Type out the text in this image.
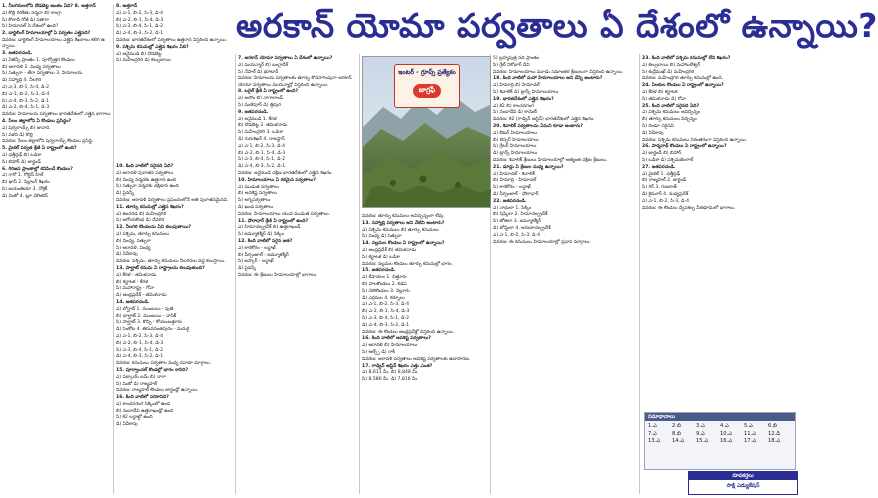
అరకాన్ యోమా పర్వతాలు ఏ దేశంలో ఉన్నాయి?

1. నీలగిరులలోని దొడబెట్ట ఆంతం ఏది? 8. అత్తగాన్

ఎ) కొల్లి గిరికేతు నర్మదా బి) కాంగ్రా

సి) కొలాదీ రోజీ డి) సతారా

సి) హిమాచల్ ఏ దేశంలో ఉంది?

2. డార్జిలింగ్ హిమాలయాల్లో ఏ పర్వతం ఎత్తైనది?

వివరణ: డార్జిలింగ్ హిమాలయాలు ఎత్తైన శిఖరాలు కలిగి ఉన్నాయి.

3. జతపరచండి.

ఎ) ఏజెన్సీ ప్రాంతం 1. పూర్వోత్తర కొండలు

బి) ఆరావళి 2. వింధ్య పర్వతాలు

సి) సత్పురా - తేరా పర్వతాలు 3. హిమాలయ

డి) సహ్యాద్రి 4. నీలగిరి

ఎ) ఎ-3, బి-1, సి-4, డి-2

బి) ఎ-1, బి-2, సి-3, డి-4

సి) ఎ-4, బి-3, సి-2, డి-1

డి) ఎ-2, బి-4, సి-1, డి-3

వివరణ: హిమాలయ పర్వతాలు భారతదేశంలో ఎత్తైన భాగాలు.

4. సేలం జిల్లాలోని ఏ కొండలు ప్రసిద్ధం?

ఎ) షెర్వరాయ్స్ బి) జావాది

సి) పళని డి) కొల్లి

వివరణ: సేలం జిల్లాలోని షెర్వరాయ్స్ కొండలు ప్రసిద్ధి.

5. మైకల్ పర్వత శ్రేణి ఏ రాష్ట్రంలో ఉంది?

ఎ) ఛత్తీస్గఢ్ బి) ఒడిశా

సి) బిహార్ డి) జార్ఖండ్

6. గిరిజన ప్రాంతాల్లో కనిపించే కొండలు?

ఎ) గారో 1. గోల్డెన్ హిల్

బి) ఖాసీ 2. షిల్లాంగ్ శిఖరం

సి) జయంతియా 3. నోక్రెక్

డి) మిజో 4. బ్లూ మౌంటెన్

8. అత్తగాన్

ఎ) ఎ-1, బి-2, సి-3, డి-4

బి) ఎ-2, బి-1, సి-4, డి-3

సి) ఎ-3, బి-4, సి-1, డి-2

డి) ఎ-4, బి-3, సి-2, డి-1

వివరణ: భారతదేశంలో పర్వతాలు ఉత్తరాన విస్తరించి ఉన్నాయి.

9. పశ్చిమ కనుమల్లో ఎత్తైన శిఖరం ఏది?

ఎ) ఆనైముడి బి) దొడబెట్ట

సి) మహేంద్రగిరి డి) కల్సుబాయి

10. కింది వాటిలో సరైనది ఏది?

ఎ) ఆరావళి పురాతన పర్వతాలు

బి) వింధ్య నర్మదకు ఉత్తరాన ఉంది

సి) సత్పురా నర్మదకు దక్షిణాన ఉంది

డి) పైవన్నీ

వివరణ: ఆరావళి పర్వతాలు ప్రపంచంలోనే అతి పురాతనమైనవి.

11. తూర్పు కనుమల్లో ఎత్తైన శిఖరం?

ఎ) జిందగడ బి) మహేంద్రగిరి

సి) ఆరోయకొండ డి) దేవగిరి

12. నీలగిరి కొండలను ఏవి కలుపుతాయి?

ఎ) పశ్చిమ, తూర్పు కనుమలు

బి) వింధ్య, సత్పురా

సి) ఆరావళి, వింధ్య

డి) ఏవీకావు

వివరణ: పశ్చిమ, తూర్పు కనుమలు నీలగిరుల వద్ద కలుస్తాయి.

13. పాల్ఘాట్ కనుమ ఏ రాష్ట్రాలను కలుపుతుంది?

ఎ) కేరళ - తమిళనాడు

బి) కర్ణాటక - కేరళ

సి) మహారాష్ట్ర - గోవా

డి) ఆంధ్రప్రదేశ్ - తమిళనాడు

14. జతపరచండి.

ఎ) బోర్ఘాట్ 1. ముంబయి - పుణె

బి) థాల్ఘాట్ 2. ముంబయి - నాసిక్

సి) పాల్ఘాట్ 3. కొచ్చి - కోయంబత్తూరు

డి) సెంకోట 4. తిరువనంతపురం - మదురై

ఎ) ఎ-1, బి-2, సి-3, డి-4

బి) ఎ-2, బి-1, సి-4, డి-3

సి) ఎ-3, బి-4, సి-1, డి-2

డి) ఎ-4, బి-3, సి-2, డి-1

వివరణ: కనుమలు పర్వతాల మధ్య రవాణా మార్గాలు.

15. పూర్వాంచల్ కొండల్లో భాగం కానిది?

ఎ) పట్కాయ్ బమ్ బి) నాగా

సి) మిజో డి) రాజ్మహల్

వివరణ: రాజ్మహల్ కొండలు జార్ఖండ్లో ఉన్నాయి.

16. కింది వాటిలో సరికానిది?

ఎ) కాంచనగంగ సిక్కింలో ఉంది

బి) నందాదేవి ఉత్తరాఖండ్లో ఉంది

సి) కె2 లద్దాఖ్లో ఉంది

డి) ఏవీకావు

7. అరకాన్ యోమా పర్వతాలు ఏ దేశంలో ఉన్నాయి?

ఎ) మయన్మార్ బి) బంగ్లాదేశ్

సి) నేపాల్ డి) భూటాన్

వివరణ: హిమాలయ పర్వతాలకు తూర్పు కొనసాగింపుగా అరకాన్ యోమా పర్వతాలు మయన్మార్లో విస్తరించి ఉన్నాయి.

8. బరైల్ శ్రేణి ఏ రాష్ట్రంలో ఉంది?

ఎ) అసోం బి) నాగాలాండ్

సి) మణిపూర్ డి) త్రిపుర

9. జతపరచండి.

ఎ) అనైముడి 1. కేరళ

బి) దొడబెట్ట 2. తమిళనాడు

సి) మహేంద్రగిరి 3. ఒడిశా

డి) గురుశిఖర్ 4. రాజస్థాన్

ఎ) ఎ-1, బి-2, సి-3, డి-4

బి) ఎ-2, బి-1, సి-4, డి-3

సి) ఎ-3, బి-4, సి-1, డి-2

డి) ఎ-4, బి-3, సి-2, డి-1

వివరణ: అనైముడి దక్షిణ భారతదేశంలో ఎత్తైన శిఖరం.

10. హిమాలయాలు ఏ రకమైన పర్వతాలు?

ఎ) ముడుత పర్వతాలు

బి) అవశిష్ట పర్వతాలు

సి) అగ్నిపర్వతాలు

డి) ఖండ పర్వతాలు

వివరణ: హిమాలయాలు యువ ముడుత పర్వతాలు.

11. ధౌలాధార్ శ్రేణి ఏ రాష్ట్రంలో ఉంది?

ఎ) హిమాచల్ప్రదేశ్ బి) ఉత్తరాఖండ్

సి) జమ్మూకశ్మీర్ డి) సిక్కిం

12. కింది వాటిలో సరైన జత?

ఎ) కారకోరం - లద్దాఖ్

బి) పీర్పంజాల్ - జమ్మూకశ్మీర్

సి) జస్కార్ - లద్దాఖ్

డి) పైవన్నీ

వివరణ: ఈ శ్రేణులు హిమాలయాల్లో భాగాలు.

వివరణ: తూర్పు కనుమలు అవిచ్ఛిన్నంగా లేవు.

13. సహ్యాద్రి పర్వతాలు అని వేటిని అంటారు?

ఎ) పశ్చిమ కనుమలు బి) తూర్పు కనుమలు

సి) వింధ్య డి) సత్పురా

14. నల్లమల కొండలు ఏ రాష్ట్రంలో ఉన్నాయి?

ఎ) ఆంధ్రప్రదేశ్ బి) తమిళనాడు

సి) కర్ణాటక డి) ఒడిశా

వివరణ: నల్లమల కొండలు తూర్పు కనుమల్లో భాగం.

15. జతపరచండి.

ఎ) శేషాచలం 1. చిత్తూరు

బి) పాలకొండలు 2. కడప

సి) వెలికొండలు 3. నెల్లూరు

డి) ఎర్రమల 4. కర్నూలు

ఎ) ఎ-1, బి-2, సి-3, డి-4

బి) ఎ-2, బి-1, సి-4, డి-3

సి) ఎ-3, బి-4, సి-1, డి-2

డి) ఎ-4, బి-3, సి-2, డి-1

వివరణ: ఈ కొండలు ఆంధ్రప్రదేశ్లో విస్తరించి ఉన్నాయి.

16. కింది వాటిలో అవశిష్ట పర్వతాలు?

ఎ) ఆరావళి బి) హిమాలయాలు

సి) ఆల్ప్స్ డి) రాకీ

వివరణ: ఆరావళి పర్వతాలు అవశిష్ట పర్వతాలకు ఉదాహరణ.

17. గాడ్విన్ ఆస్టిన్ శిఖరం ఎత్తు ఎంత?

ఎ) 8,611 మీ. బి) 8,848 మీ.

సి) 8,586 మీ. డి) 7,816 మీ.

5) బ్రహ్మపుత్ర నది ప్రాంతం

సి) గ్రేట్ నికోబార్ దీవి

వివరణ: హిమాలయాలు మూడు సమాంతర శ్రేణులుగా విస్తరించి ఉన్నాయి.

18. కింది వాటిలో మహా హిమాలయాలు అని దేన్ని అంటారు?

ఎ) హిమాద్రి బి) హిమాచల్

సి) శివాలిక్ డి) ట్రాన్స్ హిమాలయాలు

19. భారతదేశంలో ఎత్తైన శిఖరం?

ఎ) కె2 బి) కాంచనగంగ

సి) నందాదేవి డి) కామెట్

వివరణ: కె2 (గాడ్విన్ ఆస్టిన్) భారతదేశంలో ఎత్తైన శిఖరం.

20. శివాలిక్ పర్వతాలను ఏమని కూడా అంటారు?

ఎ) ఔటర్ హిమాలయాలు

బి) లెస్సర్ హిమాలయాలు

సి) గ్రేటర్ హిమాలయాలు

డి) ట్రాన్స్ హిమాలయాలు

వివరణ: శివాలిక్ శ్రేణులు హిమాలయాల్లో అత్యంత దక్షిణ శ్రేణులు.

21. డూన్లు ఏ శ్రేణుల మధ్య ఉన్నాయి?

ఎ) హిమాచల్ - శివాలిక్

బి) హిమాద్రి - హిమాచల్

సి) కారకోరం - లద్దాఖ్

డి) పీర్పంజాల్ - ధౌలాధార్

22. జతపరచండి.

ఎ) నాథులా 1. సిక్కిం

బి) షిప్కిలా 2. హిమాచల్ప్రదేశ్

సి) జోజిలా 3. జమ్మూకశ్మీర్

డి) బోమ్డిలా 4. అరుణాచల్ప్రదేశ్

ఎ) ఎ-1, బి-2, సి-3, డి-4

వివరణ: ఈ కనుమలు హిమాలయాల్లో ప్రధాన మార్గాలు.

23. కింది వాటిలో పశ్చిమ కనుమల్లో లేని శిఖరం?

ఎ) కల్సుబాయి బి) మహాబలేశ్వర్

సి) కుద్రేముఖ్ డి) మహేంద్రగిరి

వివరణ: మహేంద్రగిరి తూర్పు కనుమల్లో ఉంది.

24. ఏలకుల కొండలు ఏ రాష్ట్రంలో ఉన్నాయి?

ఎ) కేరళ బి) కర్ణాటక

సి) తమిళనాడు డి) గోవా

25. కింది వాటిలో సరైనది ఏది?

ఎ) పశ్చిమ కనుమలు అవిచ్ఛిన్నం

బి) తూర్పు కనుమలు విచ్ఛిన్నం

సి) రెండూ సరైనవి

డి) ఏవీకావు

వివరణ: పశ్చిమ కనుమలు నిరంతరంగా విస్తరించి ఉన్నాయి.

26. పార్శనాథ్ కొండలు ఏ రాష్ట్రంలో ఉన్నాయి?

ఎ) జార్ఖండ్ బి) బిహార్

సి) ఒడిశా డి) పశ్చిమబెంగాల్

27. జతపరచండి.

ఎ) మైకల్ 1. ఛత్తీస్గఢ్

బి) రాజ్మహల్ 2. జార్ఖండ్

సి) గిర్ 3. గుజరాత్

డి) కైమూర్ 4. మధ్యప్రదేశ్

ఎ) ఎ-1, బి-2, సి-3, డి-4

వివరణ: ఈ కొండలు ద్వీపకల్ప పీఠభూమిలో భాగాలు.

ఇంటర్ - గ్రూప్స్ ప్రత్యేకం
జాగ్రఫీ
సమాధానాలు
1.ఎ	2.బి	3.ఎ	4.ఎ	5.ఎ	6.బి
7.ఎ	8.బి	9.ఎ	10.ఎ	11.ఎ	12.డి
13.ఎ	14.ఎ	15.ఎ	16.ఎ	17.ఎ	18.ఎ
రూపకర్తలు
సాక్షి ఎడ్యుకేషన్
